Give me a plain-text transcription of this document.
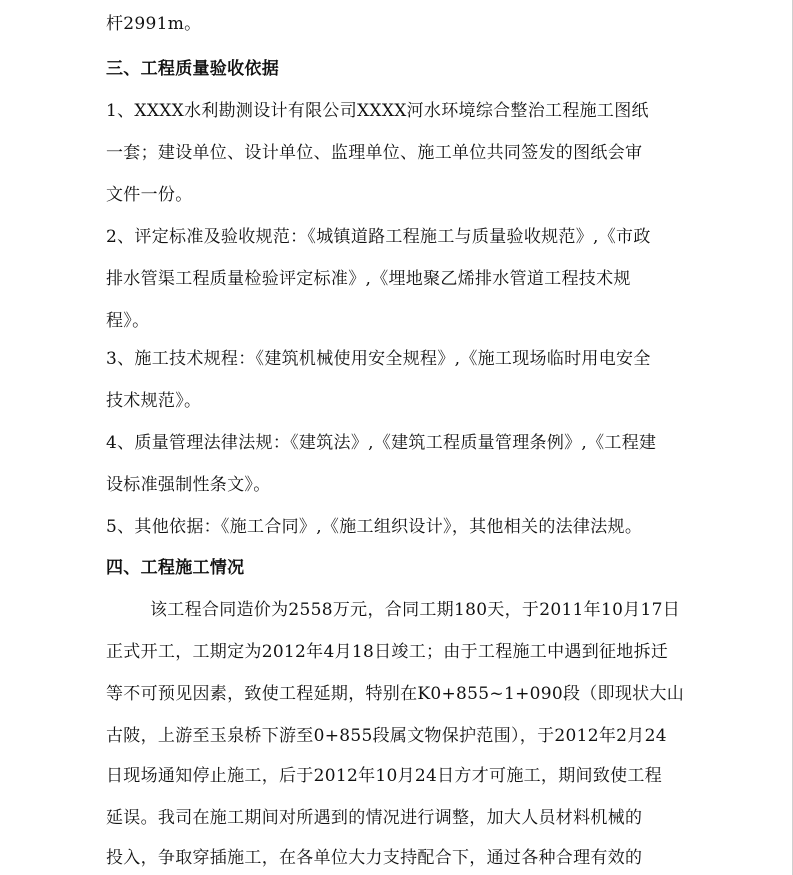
杆2991m。
三、工程质量验收依据
1、XXXX水利勘测设计有限公司XXXX河水环境综合整治工程施工图纸
一套；建设单位、设计单位、监理单位、施工单位共同签发的图纸会审
文件一份。
2、评定标准及验收规范：《城镇道路工程施工与质量验收规范》,《市政
排水管渠工程质量检验评定标准》,《埋地聚乙烯排水管道工程技术规
程》。
3、施工技术规程：《建筑机械使用安全规程》,《施工现场临时用电安全
技术规范》。
4、质量管理法律法规：《建筑法》,《建筑工程质量管理条例》,《工程建
设标准强制性条文》。
5、其他依据：《施工合同》,《施工组织设计》，其他相关的法律法规。
四、工程施工情况
该工程合同造价为2558万元，合同工期180天，于2011年10月17日
正式开工，工期定为2012年4月18日竣工；由于工程施工中遇到征地拆迁
等不可预见因素，致使工程延期，特别在K0+855~1+090段（即现状大山
古陂，上游至玉泉桥下游至0+855段属文物保护范围），于2012年2月24
日现场通知停止施工，后于2012年10月24日方才可施工，期间致使工程
延误。我司在施工期间对所遇到的情况进行调整，加大人员材料机械的
投入，争取穿插施工，在各单位大力支持配合下，通过各种合理有效的
